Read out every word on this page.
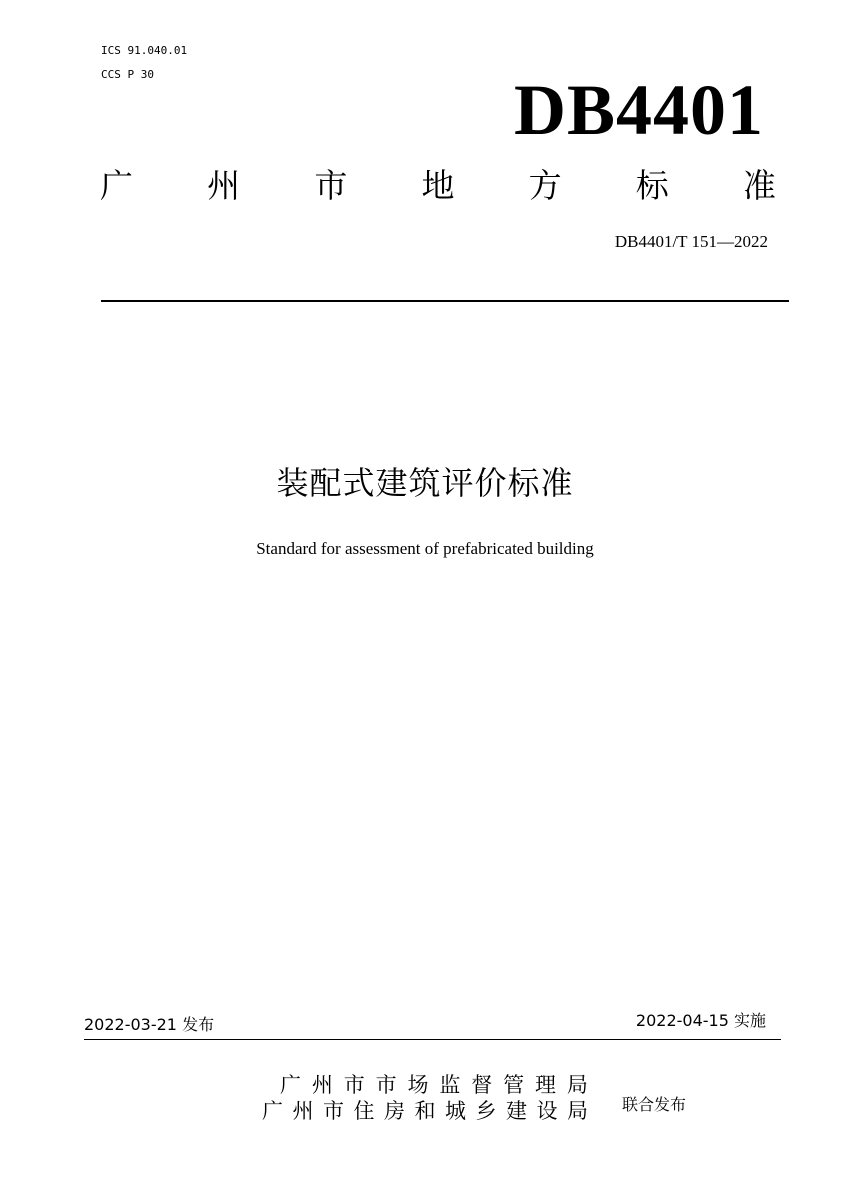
ICS 91.040.01
CCS P 30	DB4401
广 州 市 地 方 标 准
DB4401/T 151—2022
装配式建筑评价标准
Standard for assessment of prefabricated building
2022-03-21 发布	2022-04-15 实施
广 州 市 市 场 监 督 管 理 局
广 州 市 住 房 和 城 乡 建 设 局 联合发布
